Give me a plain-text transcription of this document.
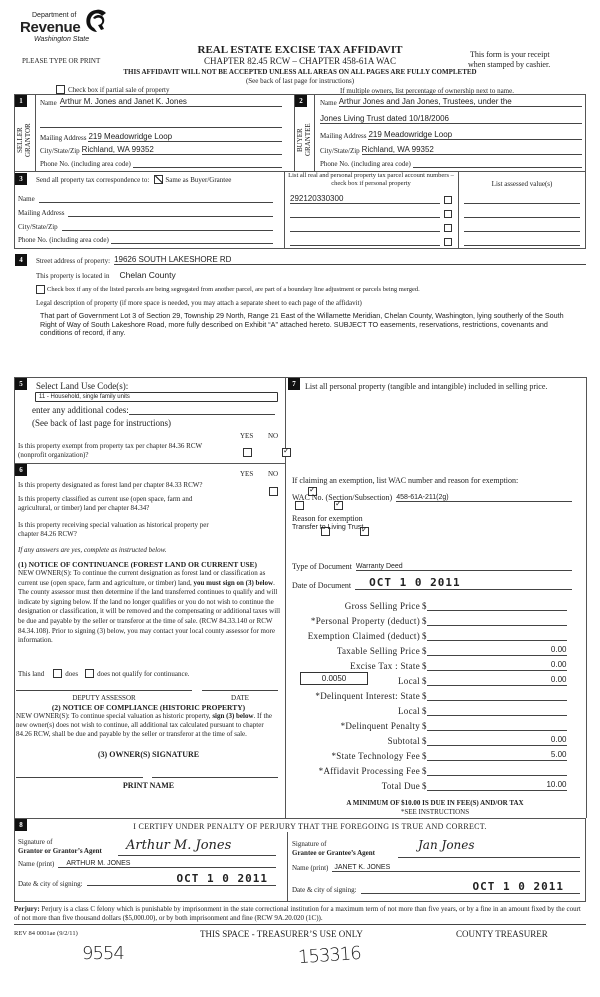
Department of
Revenue
Washington State
PLEASE TYPE OR PRINT
REAL ESTATE EXCISE TAX AFFIDAVIT
CHAPTER 82.45 RCW – CHAPTER 458-61A WAC
This form is your receipt
when stamped by cashier.
THIS AFFIDAVIT WILL NOT BE ACCEPTED UNLESS ALL AREAS ON ALL PAGES ARE FULLY COMPLETED
(See back of last page for instructions)
Check box if partial sale of property	If multiple owners, list percentage of ownership next to name.
1
SELLER
GRANTOR
Name Arthur M. Jones and Janet K. Jones
Mailing Address 219 Meadowridge Loop
City/State/Zip Richland, WA 99352
Phone No. (including area code)
2
BUYER
GRANTEE
Name Arthur Jones and Jan Jones, Trustees, under the
Jones Living Trust dated 10/18/2006
Mailing Address 219 Meadowridge Loop
City/State/Zip Richland, WA 99352
Phone No. (including area code)
3	Send all property tax correspondence to: Same as Buyer/Grantee
Name
Mailing Address
City/State/Zip
Phone No. (including area code)
List all real and personal property tax parcel account numbers – check box if personal property	List assessed value(s)
292120330300
4	Street address of property: 19626 SOUTH LAKESHORE RD
This property is located in Chelan County
Check box if any of the listed parcels are being segregated from another parcel, are part of a boundary line adjustment or parcels being merged.
Legal description of property (if more space is needed, you may attach a separate sheet to each page of the affidavit)
That part of Government Lot 3 of Section 29, Township 29 North, Range 21 East of the Willamette Meridian, Chelan County, Washington, lying southerly of the South Right of Way of South Lakeshore Road, more fully described on Exhibit “A” attached hereto. SUBJECT TO easements, reservations, restrictions, covenants and conditions of record, if any.
5	Select Land Use Code(s):
11 - Household, single family units
enter any additional codes:
(See back of last page for instructions)
YES NO
Is this property exempt from property tax per chapter 84.36 RCW (nonprofit organization)?
✓
6	YES NO
Is this property designated as forest land per chapter 84.33 RCW?
✓
Is this property classified as current use (open space, farm and agricultural, or timber) land per chapter 84.34?
✓
Is this property receiving special valuation as historical property per chapter 84.26 RCW?
✓
If any answers are yes, complete as instructed below.
(1) NOTICE OF CONTINUANCE (FOREST LAND OR CURRENT USE)
NEW OWNER(S): To continue the current designation as forest land or classification as current use (open space, farm and agriculture, or timber) land, you must sign on (3) below. The county assessor must then determine if the land transferred continues to qualify and will indicate by signing below. If the land no longer qualifies or you do not wish to continue the designation or classification, it will be removed and the compensating or additional taxes will be due and payable by the seller or transferor at the time of sale. (RCW 84.33.140 or RCW 84.34.108). Prior to signing (3) below, you may contact your local county assessor for more information.
This land	does	does not qualify for continuance.
DEPUTY ASSESSOR	DATE
(2) NOTICE OF COMPLIANCE (HISTORIC PROPERTY)
NEW OWNER(S): To continue special valuation as historic property, sign (3) below. If the new owner(s) does not wish to continue, all additional tax calculated pursuant to chapter 84.26 RCW, shall be due and payable by the seller or transferor at the time of sale.
(3) OWNER(S) SIGNATURE
PRINT NAME
7	List all personal property (tangible and intangible) included in selling price.
If claiming an exemption, list WAC number and reason for exemption:
WAC No. (Section/Subsection) 458-61A-211(2g)
Reason for exemption
Transfer to Living Trust
Type of Document Warranty Deed
Date of Document	OCT 1 0 2011
Gross Selling Price $
*Personal Property (deduct) $
Exemption Claimed (deduct) $
Taxable Selling Price $	0.00
Excise Tax : State $	0.00
0.0050	Local $	0.00
*Delinquent Interest: State $
Local $
*Delinquent Penalty $
Subtotal $	0.00
*State Technology Fee $	5.00
*Affidavit Processing Fee $
Total Due $	10.00
A MINIMUM OF $10.00 IS DUE IN FEE(S) AND/OR TAX
*SEE INSTRUCTIONS
8	I CERTIFY UNDER PENALTY OF PERJURY THAT THE FOREGOING IS TRUE AND CORRECT.
Signature of
Grantor or Grantor’s Agent	Arthur M. Jones
Name (print)	ARTHUR M. JONES
Date & city of signing:	OCT 1 0 2011
Signature of
Grantee or Grantee’s Agent
Jan Jones
Name (print) JANET K. JONES
Date & city of signing:	OCT 1 0 2011
Perjury: Perjury is a class C felony which is punishable by imprisonment in the state correctional institution for a maximum term of not more than five years, or by a fine in an amount fixed by the court of not more than five thousand dollars ($5,000.00), or by both imprisonment and fine (RCW 9A.20.020 (1C)).
REV 84 0001ae (9/2/11)	THIS SPACE - TREASURER’S USE ONLY	COUNTY TREASURER
9554	153316
